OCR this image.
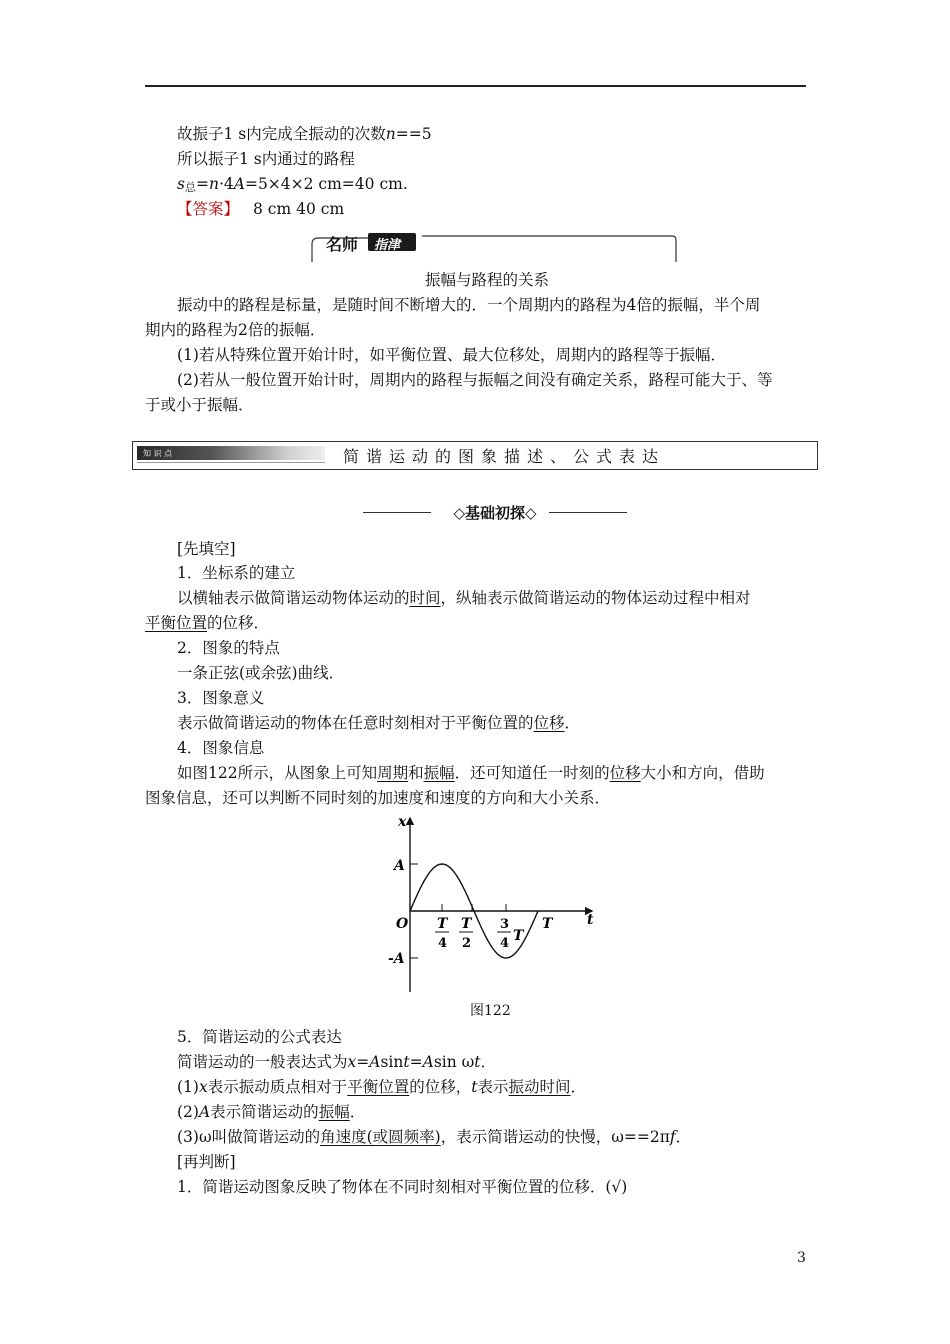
故振子1 s内完成全振动的次数n==5
所以振子1 s内通过的路程
s总=n·4A=5×4×2 cm=40 cm.
【答案】 8 cm 40 cm
名师 指津
振幅与路程的关系
振动中的路程是标量，是随时间不断增大的．一个周期内的路程为4倍的振幅，半个周
期内的路程为2倍的振幅．
(1)若从特殊位置开始计时，如平衡位置、最大位移处，周期内的路程等于振幅．
(2)若从一般位置开始计时，周期内的路程与振幅之间没有确定关系，路程可能大于、等
于或小于振幅．
知 识 点	简谐运动的图象描述、公式表达
◇基础初探◇
[先填空]
1．坐标系的建立
以横轴表示做简谐运动物体运动的时间，纵轴表示做简谐运动的物体运动过程中相对
平衡位置的位移．
2．图象的特点
一条正弦(或余弦)曲线．
3．图象意义
表示做简谐运动的物体在任意时刻相对于平衡位置的位移．
4．图象信息
如图122所示，从图象上可知周期和振幅．还可知道任一时刻的位移大小和方向，借助
图象信息，还可以判断不同时刻的加速度和速度的方向和大小关系．
x
t
A
-A
O T
4
T
2
3
4 T
T
图122
5．简谐运动的公式表达
简谐运动的一般表达式为x=Asint=Asin ωt．
(1)x表示振动质点相对于平衡位置的位移，t表示振动时间．
(2)A表示简谐运动的振幅．
(3)ω叫做简谐运动的角速度(或圆频率)，表示简谐运动的快慢，ω==2πf．
[再判断]
1．简谐运动图象反映了物体在不同时刻相对平衡位置的位移．(√)
3
